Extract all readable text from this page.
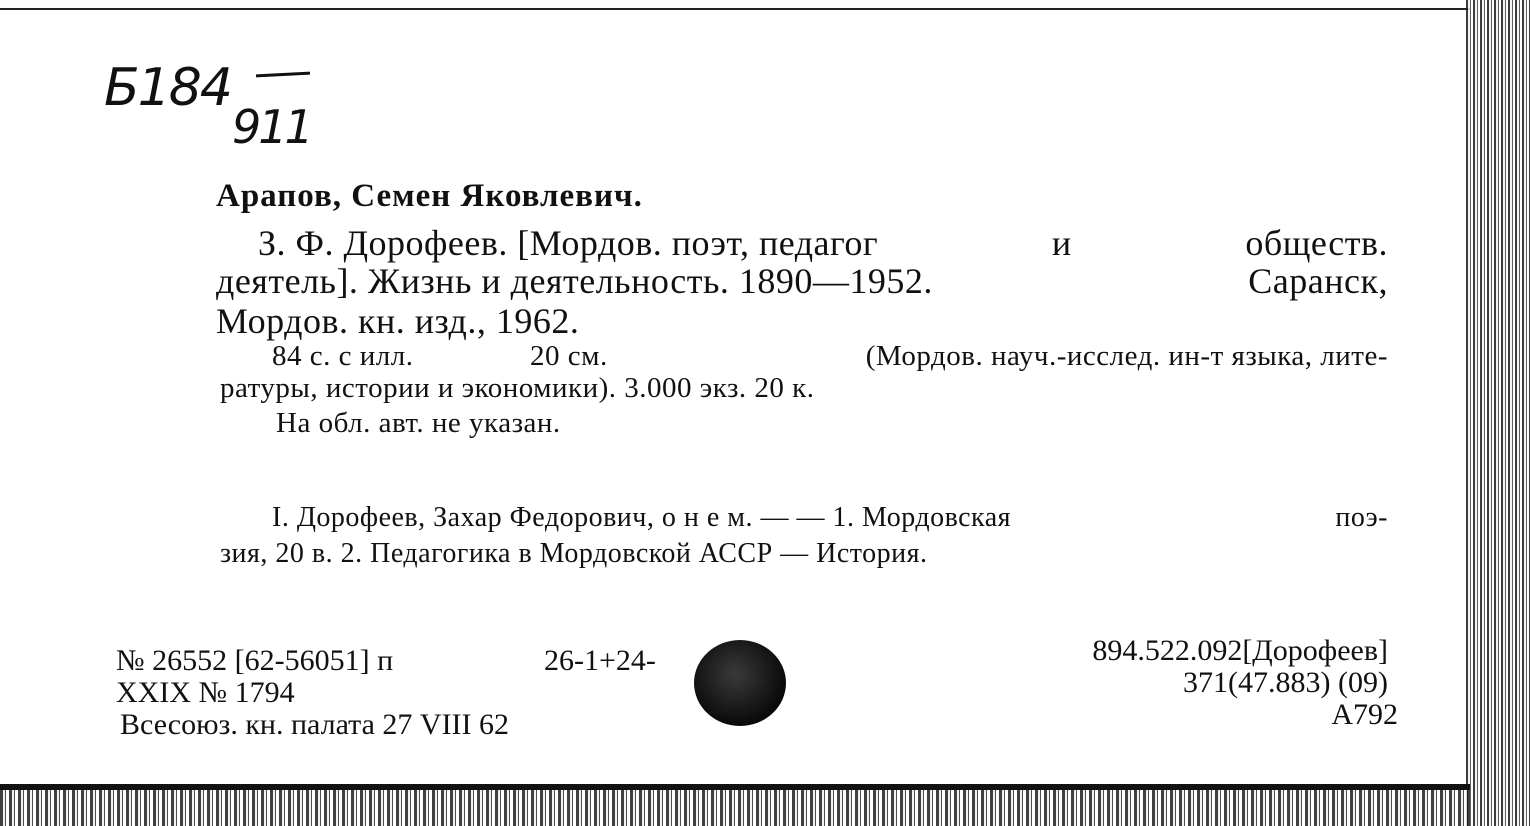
Б184
911
Арапов, Семен Яковлевич.
З. Ф. Дорофеев. [Мордов. поэт, педагог	и	обществ.
деятель]. Жизнь и деятельность. 1890—1952.	Саранск,
Мордов. кн. изд., 1962.
84 с. с илл.	20 см.	(Мордов. науч.-исслед. ин-т языка, лите-
ратуры, истории и экономики). 3.000 экз. 20 к.
На обл. авт. не указан.
I. Дорофеев, Захар Федорович, о н е м. — — 1. Мордовская	поэ-
зия, 20 в. 2. Педагогика в Мордовской АССР — История.
№ 26552 [62-56051] п	26-1+24-
XXIX № 1794
Всесоюз. кн. палата 27 VIII 62
894.522.092[Дорофеев]
371(47.883) (09)
А792
